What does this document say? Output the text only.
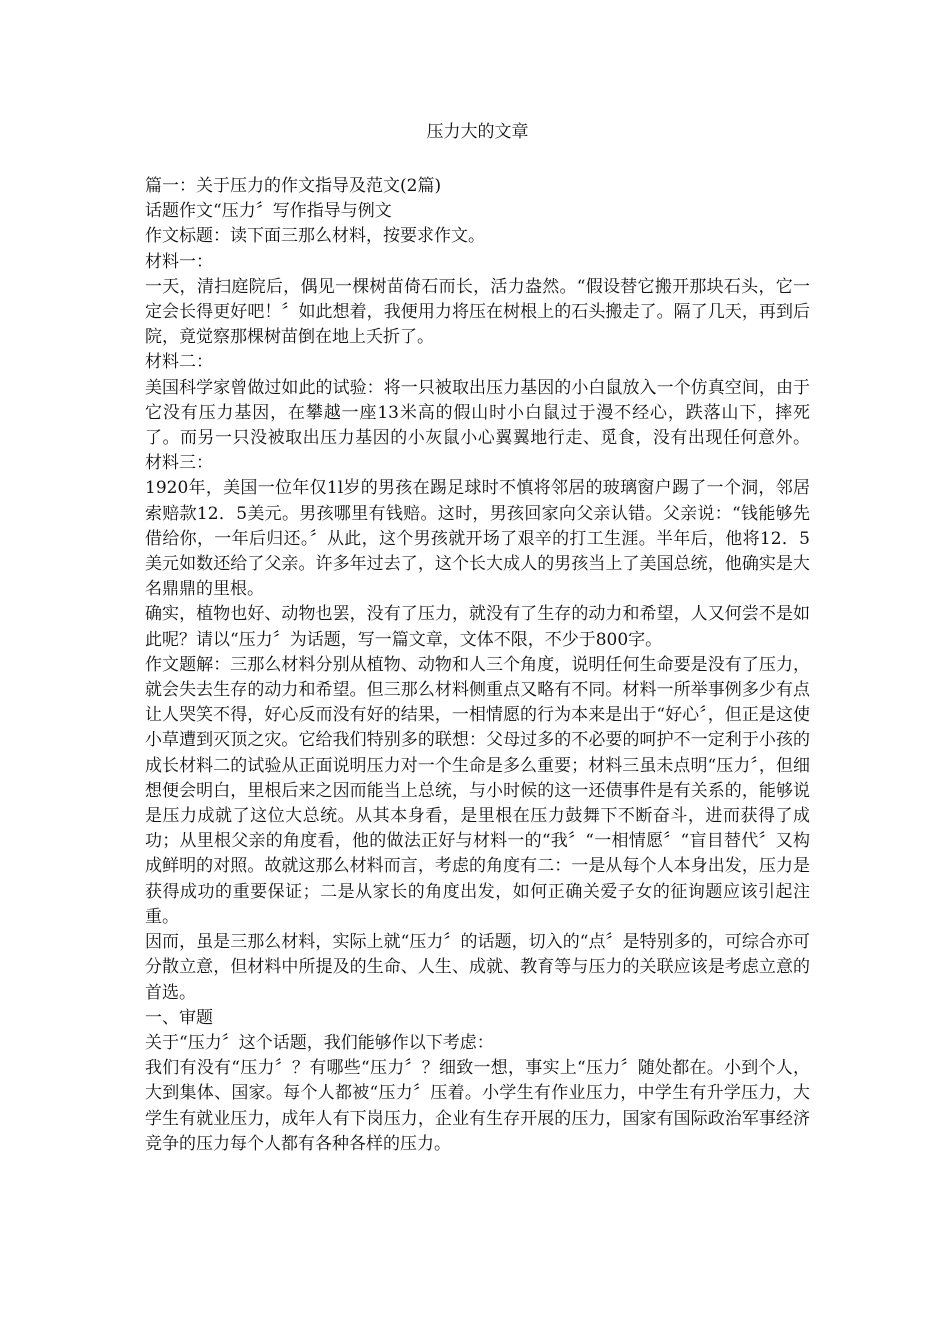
压力大的文章

篇一：关于压力的作文指导及范文(2篇)

话题作文“压力〞写作指导与例文

作文标题：读下面三那么材料，按要求作文。

材料一：

一天，清扫庭院后，偶见一棵树苗倚石而长，活力盎然。“假设替它搬开那块石头，它一定会长得更好吧！〞如此想着，我便用力将压在树根上的石头搬走了。隔了几天，再到后院，竟觉察那棵树苗倒在地上夭折了。

材料二：

美国科学家曾做过如此的试验：将一只被取出压力基因的小白鼠放入一个仿真空间，由于它没有压力基因，在攀越一座13米高的假山时小白鼠过于漫不经心，跌落山下，摔死了。而另一只没被取出压力基因的小灰鼠小心翼翼地行走、觅食，没有出现任何意外。 材料三：

1920年，美国一位年仅1l岁的男孩在踢足球时不慎将邻居的玻璃窗户踢了一个洞，邻居索赔款12．5美元。男孩哪里有钱赔。这时，男孩回家向父亲认错。父亲说：“钱能够先借给你，一年后归还。〞从此，这个男孩就开场了艰辛的打工生涯。半年后，他将12．5美元如数还给了父亲。许多年过去了，这个长大成人的男孩当上了美国总统，他确实是大名鼎鼎的里根。

确实，植物也好、动物也罢，没有了压力，就没有了生存的动力和希望，人又何尝不是如此呢？请以“压力〞为话题，写一篇文章，文体不限，不少于800字。

作文题解：三那么材料分别从植物、动物和人三个角度，说明任何生命要是没有了压力，就会失去生存的动力和希望。但三那么材料侧重点又略有不同。材料一所举事例多少有点让人哭笑不得，好心反而没有好的结果，一相情愿的行为本来是出于“好心〞，但正是这使小草遭到灭顶之灾。它给我们特别多的联想：父母过多的不必要的呵护不一定利于小孩的成长材料二的试验从正面说明压力对一个生命是多么重要；材料三虽未点明“压力〞，但细想便会明白，里根后来之因而能当上总统，与小时候的这一还债事件是有关系的，能够说是压力成就了这位大总统。从其本身看，是里根在压力鼓舞下不断奋斗，进而获得了成功；从里根父亲的角度看，他的做法正好与材料一的“我〞“一相情愿〞“盲目替代〞又构成鲜明的对照。故就这那么材料而言，考虑的角度有二：一是从每个人本身出发，压力是获得成功的重要保证；二是从家长的角度出发，如何正确关爱子女的征询题应该引起注重。

因而，虽是三那么材料，实际上就“压力〞的话题，切入的“点〞是特别多的，可综合亦可分散立意，但材料中所提及的生命、人生、成就、教育等与压力的关联应该是考虑立意的首选。

一、审题

关于“压力〞这个话题，我们能够作以下考虑：

我们有没有“压力〞？有哪些“压力〞？细致一想，事实上“压力〞随处都在。小到个人，大到集体、国家。每个人都被“压力〞压着。小学生有作业压力，中学生有升学压力，大学生有就业压力，成年人有下岗压力，企业有生存开展的压力，国家有国际政治军事经济竞争的压力每个人都有各种各样的压力。
